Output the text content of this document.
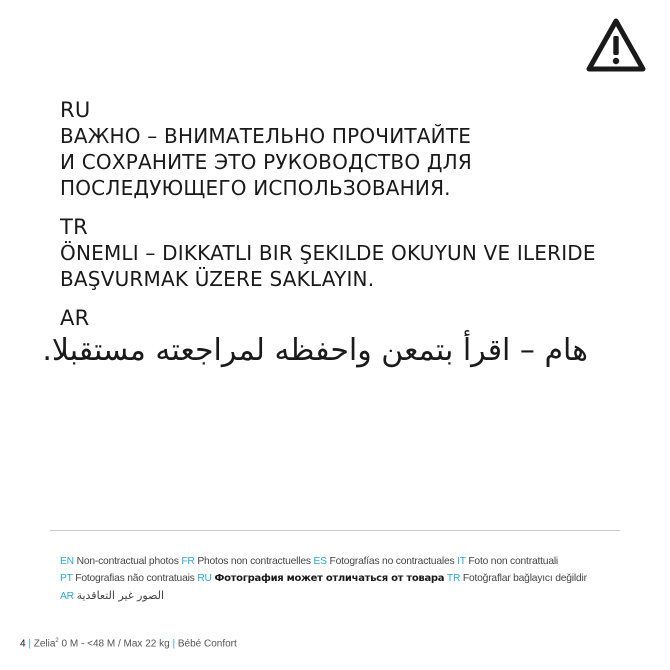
RU
ВАЖНО – ВНИМАТЕЛЬНО ПРОЧИТАЙТЕ
И СОХРАНИТЕ ЭТО РУКОВОДСТВО ДЛЯ
ПОСЛЕДУЮЩЕГО ИСПОЛЬЗОВАНИЯ.
TR
ÖNEMLI – DIKKATLI BIR ŞEKILDE OKUYUN VE ILERIDE
BAŞVURMAK ÜZERE SAKLAYIN.
AR
هام – اقرأ بتمعن واحفظه لمراجعته مستقبلا.
EN Non-contractual photos FR Photos non contractuelles ES Fotografías no contractuales IT Foto non contrattuali
PT Fotografias não contratuais RU Фотография может отличаться от товара TR Fotoğraflar bağlayıcı değildir
AR الصور غير التعاقدية
4 | Zelia$^2$ 0 M - <48 M / Max 22 kg | Bébé Confort
